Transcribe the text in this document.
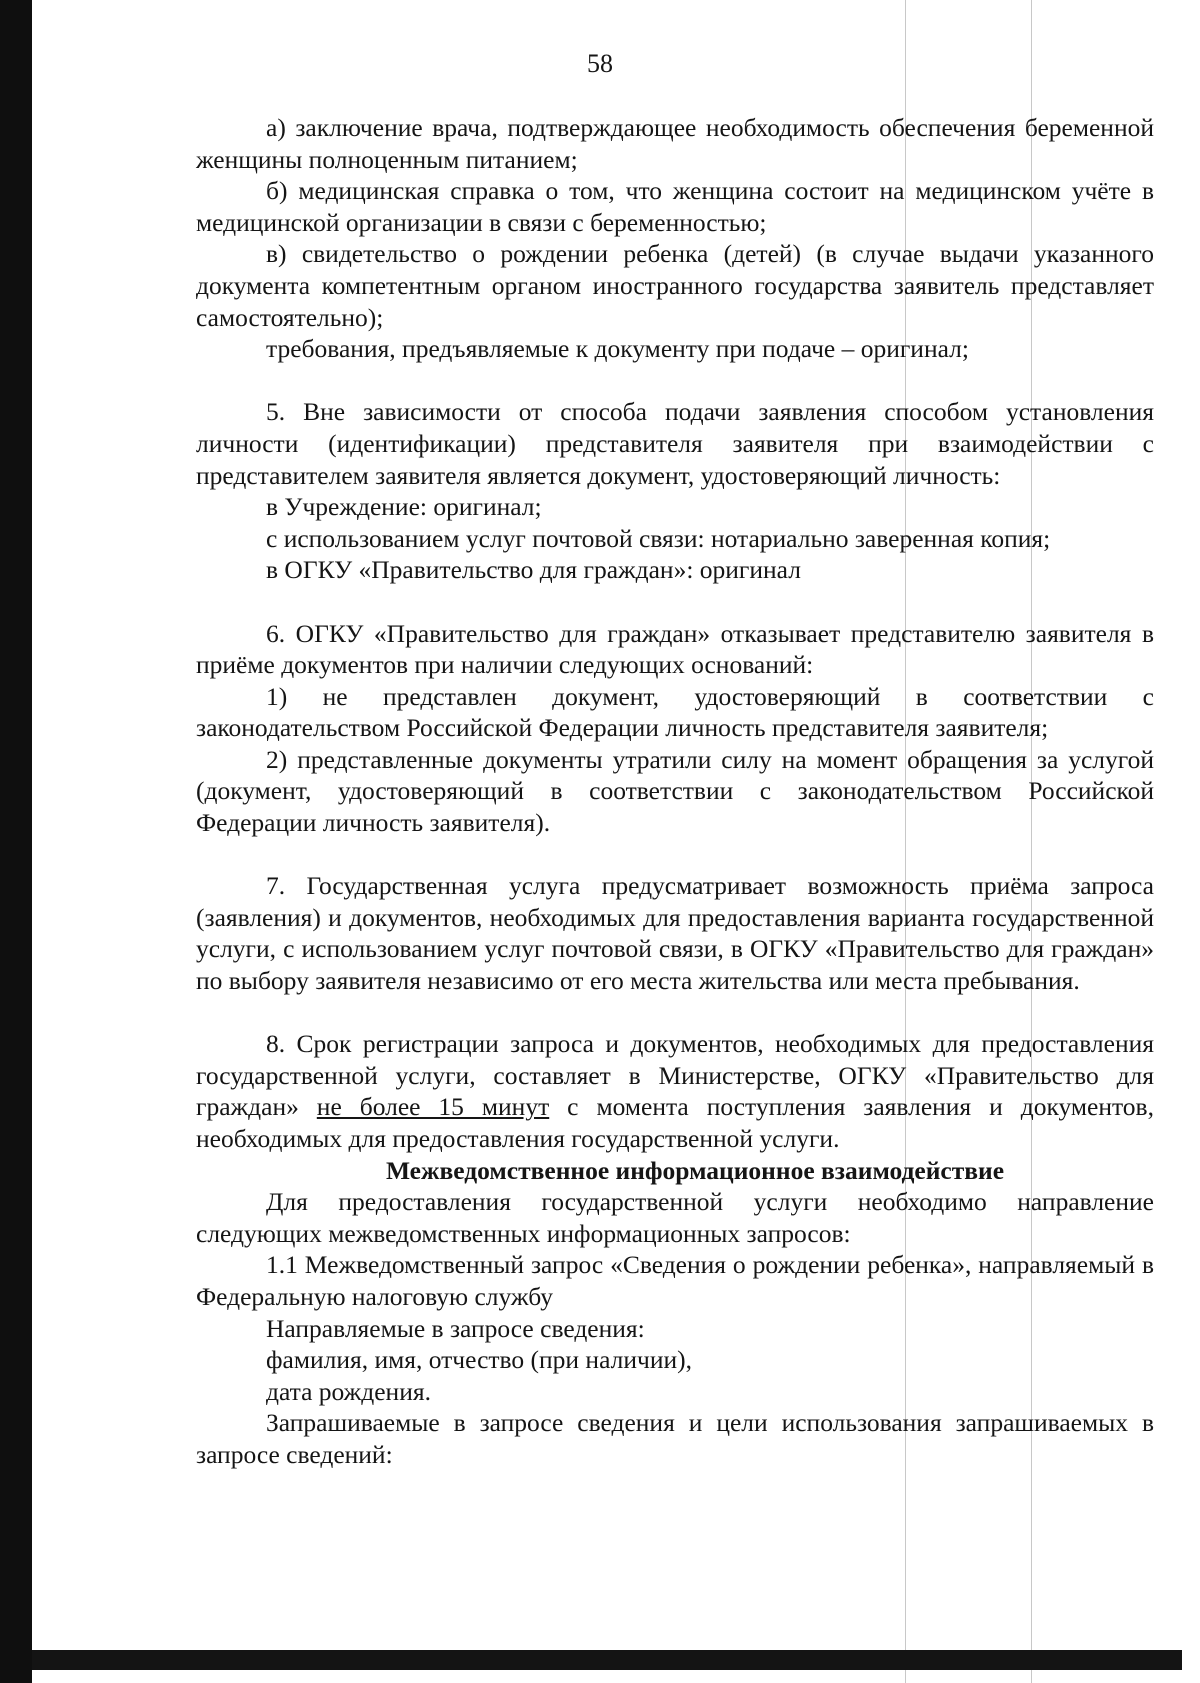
58

а) заключение врача, подтверждающее необходимость обеспечения беременной женщины полноценным питанием;

б) медицинская справка о том, что женщина состоит на медицинском учёте в медицинской организации в связи с беременностью;

в) свидетельство о рождении ребенка (детей) (в случае выдачи указанного документа компетентным органом иностранного государства заявитель представляет самостоятельно);

требования, предъявляемые к документу при подаче – оригинал;

5. Вне зависимости от способа подачи заявления способом установления личности (идентификации) представителя заявителя при взаимодействии с представителем заявителя является документ, удостоверяющий личность:

в Учреждение: оригинал;

с использованием услуг почтовой связи: нотариально заверенная копия;

в ОГКУ «Правительство для граждан»: оригинал

6. ОГКУ «Правительство для граждан» отказывает представителю заявителя в приёме документов при наличии следующих оснований:

1) не представлен документ, удостоверяющий в соответствии с законодательством Российской Федерации личность представителя заявителя;

2) представленные документы утратили силу на момент обращения за услугой (документ, удостоверяющий в соответствии с законодательством Российской Федерации личность заявителя).

7. Государственная услуга предусматривает возможность приёма запроса (заявления) и документов, необходимых для предоставления варианта государственной услуги, с использованием услуг почтовой связи, в ОГКУ «Правительство для граждан» по выбору заявителя независимо от его места жительства или места пребывания.

8. Срок регистрации запроса и документов, необходимых для предоставления государственной услуги, составляет в Министерстве, ОГКУ «Правительство для граждан» не более 15 минут с момента поступления заявления и документов, необходимых для предоставления государственной услуги.

Межведомственное информационное взаимодействие

Для предоставления государственной услуги необходимо направление следующих межведомственных информационных запросов:

1.1 Межведомственный запрос «Сведения о рождении ребенка», направляемый в Федеральную налоговую службу

Направляемые в запросе сведения:

фамилия, имя, отчество (при наличии),

дата рождения.

Запрашиваемые в запросе сведения и цели использования запрашиваемых в запросе сведений:
